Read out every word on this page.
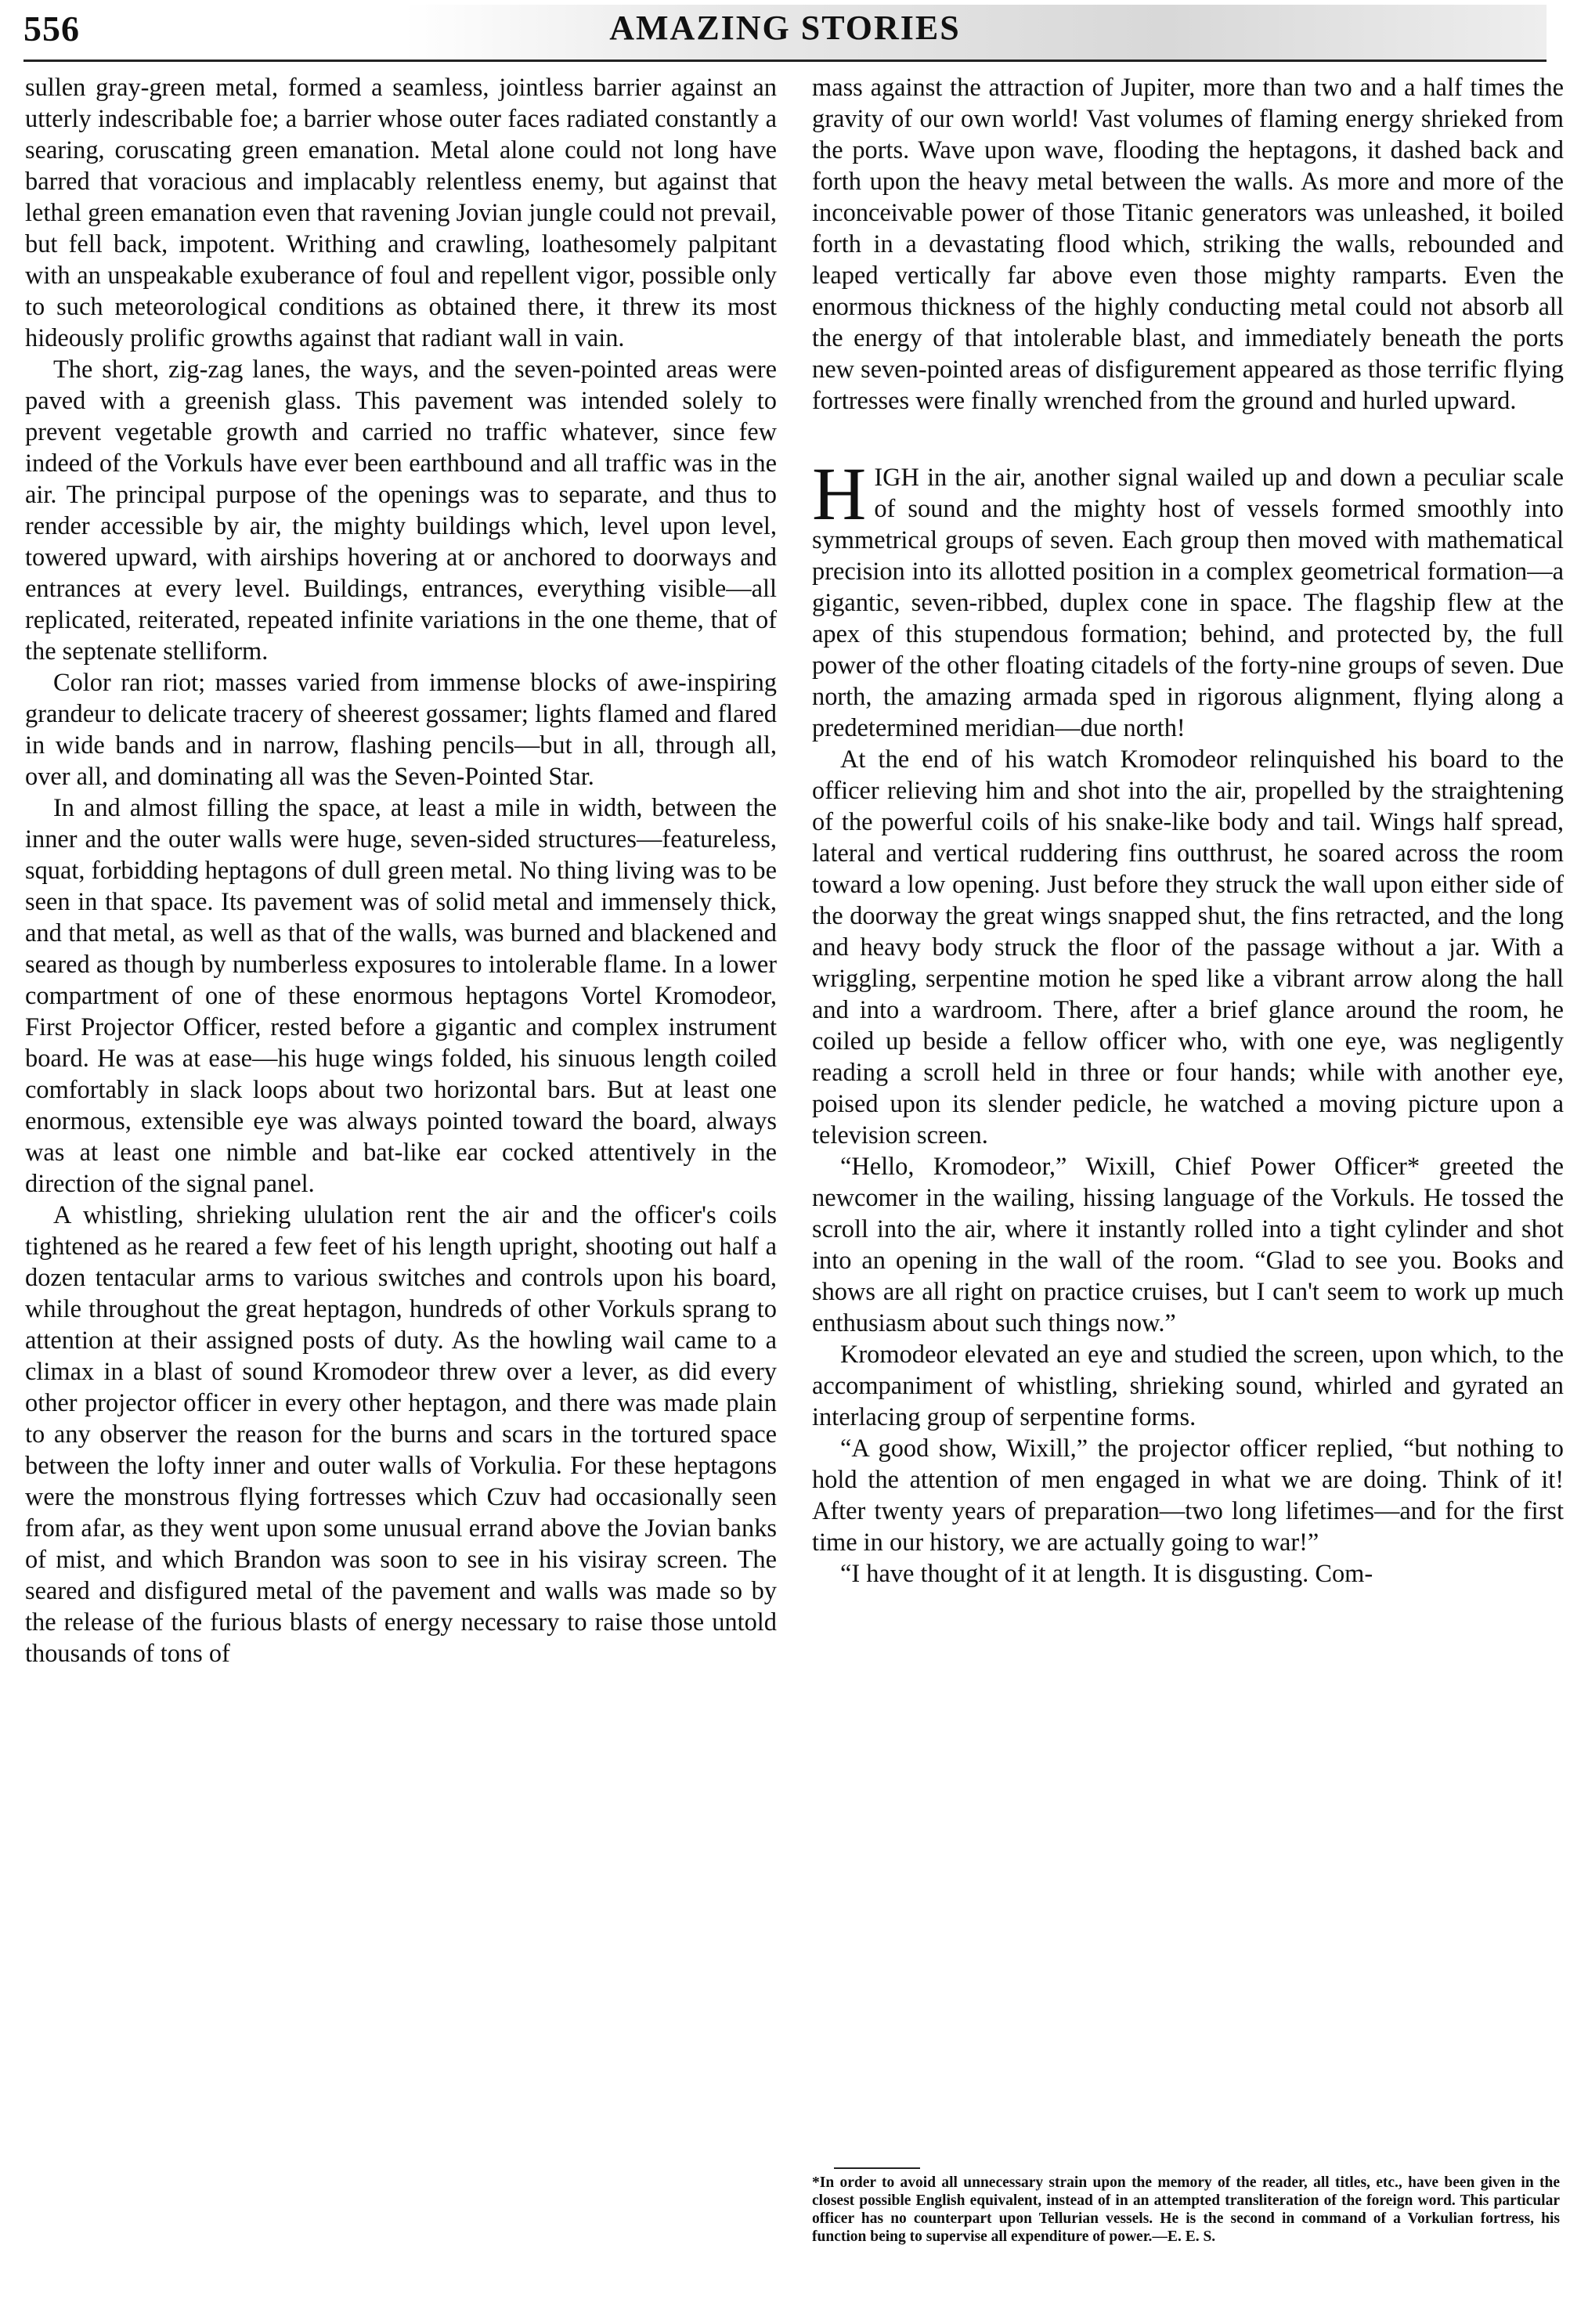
556	AMAZING STORIES

sullen gray-green metal, formed a seamless, jointless barrier against an utterly indescribable foe; a barrier whose outer faces radiated constantly a searing, coruscating green emanation. Metal alone could not long have barred that voracious and implacably relentless enemy, but against that lethal green emanation even that ravening Jovian jungle could not prevail, but fell back, impotent. Writhing and crawling, loathesomely palpitant with an unspeakable exuberance of foul and repellent vigor, possible only to such meteorological conditions as obtained there, it threw its most hideously prolific growths against that radiant wall in vain.

The short, zig-zag lanes, the ways, and the seven-pointed areas were paved with a greenish glass. This pavement was intended solely to prevent vegetable growth and carried no traffic whatever, since few indeed of the Vorkuls have ever been earthbound and all traffic was in the air. The principal purpose of the openings was to separate, and thus to render accessible by air, the mighty buildings which, level upon level, towered upward, with airships hovering at or anchored to doorways and entrances at every level. Buildings, entrances, everything visible—all replicated, reiterated, repeated infinite variations in the one theme, that of the septenate stelliform.

Color ran riot; masses varied from immense blocks of awe-inspiring grandeur to delicate tracery of sheerest gossamer; lights flamed and flared in wide bands and in narrow, flashing pencils—but in all, through all, over all, and dominating all was the Seven-Pointed Star.

In and almost filling the space, at least a mile in width, between the inner and the outer walls were huge, seven-sided structures—featureless, squat, forbidding heptagons of dull green metal. No thing living was to be seen in that space. Its pavement was of solid metal and immensely thick, and that metal, as well as that of the walls, was burned and blackened and seared as though by numberless exposures to intolerable flame. In a lower compartment of one of these enormous heptagons Vortel Kromodeor, First Projector Officer, rested before a gigantic and complex instrument board. He was at ease—his huge wings folded, his sinuous length coiled comfortably in slack loops about two horizontal bars. But at least one enormous, extensible eye was always pointed toward the board, always was at least one nimble and bat-like ear cocked attentively in the direction of the signal panel.

A whistling, shrieking ululation rent the air and the officer's coils tightened as he reared a few feet of his length upright, shooting out half a dozen tentacular arms to various switches and controls upon his board, while throughout the great heptagon, hundreds of other Vorkuls sprang to attention at their assigned posts of duty. As the howling wail came to a climax in a blast of sound Kromodeor threw over a lever, as did every other projector officer in every other heptagon, and there was made plain to any observer the reason for the burns and scars in the tortured space between the lofty inner and outer walls of Vorkulia. For these heptagons were the monstrous flying fortresses which Czuv had occasionally seen from afar, as they went upon some unusual errand above the Jovian banks of mist, and which Brandon was soon to see in his visiray screen. The seared and disfigured metal of the pavement and walls was made so by the release of the furious blasts of energy necessary to raise those untold thousands of tons of

mass against the attraction of Jupiter, more than two and a half times the gravity of our own world! Vast volumes of flaming energy shrieked from the ports. Wave upon wave, flooding the heptagons, it dashed back and forth upon the heavy metal between the walls. As more and more of the inconceivable power of those Titanic generators was unleashed, it boiled forth in a devastating flood which, striking the walls, rebounded and leaped vertically far above even those mighty ramparts. Even the enormous thickness of the highly conducting metal could not absorb all the energy of that intolerable blast, and immediately beneath the ports new seven-pointed areas of disfigurement appeared as those terrific flying fortresses were finally wrenched from the ground and hurled upward.

HIGH in the air, another signal wailed up and down a peculiar scale of sound and the mighty host of vessels formed smoothly into symmetrical groups of seven. Each group then moved with mathematical precision into its allotted position in a complex geometrical formation—a gigantic, seven-ribbed, duplex cone in space. The flagship flew at the apex of this stupendous formation; behind, and protected by, the full power of the other floating citadels of the forty-nine groups of seven. Due north, the amazing armada sped in rigorous alignment, flying along a predetermined meridian—due north!

At the end of his watch Kromodeor relinquished his board to the officer relieving him and shot into the air, propelled by the straightening of the powerful coils of his snake-like body and tail. Wings half spread, lateral and vertical ruddering fins outthrust, he soared across the room toward a low opening. Just before they struck the wall upon either side of the doorway the great wings snapped shut, the fins retracted, and the long and heavy body struck the floor of the passage without a jar. With a wriggling, serpentine motion he sped like a vibrant arrow along the hall and into a wardroom. There, after a brief glance around the room, he coiled up beside a fellow officer who, with one eye, was negligently reading a scroll held in three or four hands; while with another eye, poised upon its slender pedicle, he watched a moving picture upon a television screen.

“Hello, Kromodeor,” Wixill, Chief Power Officer* greeted the newcomer in the wailing, hissing language of the Vorkuls. He tossed the scroll into the air, where it instantly rolled into a tight cylinder and shot into an opening in the wall of the room. “Glad to see you. Books and shows are all right on practice cruises, but I can't seem to work up much enthusiasm about such things now.”

Kromodeor elevated an eye and studied the screen, upon which, to the accompaniment of whistling, shrieking sound, whirled and gyrated an interlacing group of serpentine forms.

“A good show, Wixill,” the projector officer replied, “but nothing to hold the attention of men engaged in what we are doing. Think of it! After twenty years of preparation—two long lifetimes—and for the first time in our history, we are actually going to war!”

“I have thought of it at length. It is disgusting. Com-

*In order to avoid all unnecessary strain upon the memory of the reader, all titles, etc., have been given in the closest possible English equivalent, instead of in an attempted transliteration of the foreign word. This particular officer has no counterpart upon Tellurian vessels. He is the second in command of a Vorkulian fortress, his function being to supervise all expenditure of power.—E. E. S.
